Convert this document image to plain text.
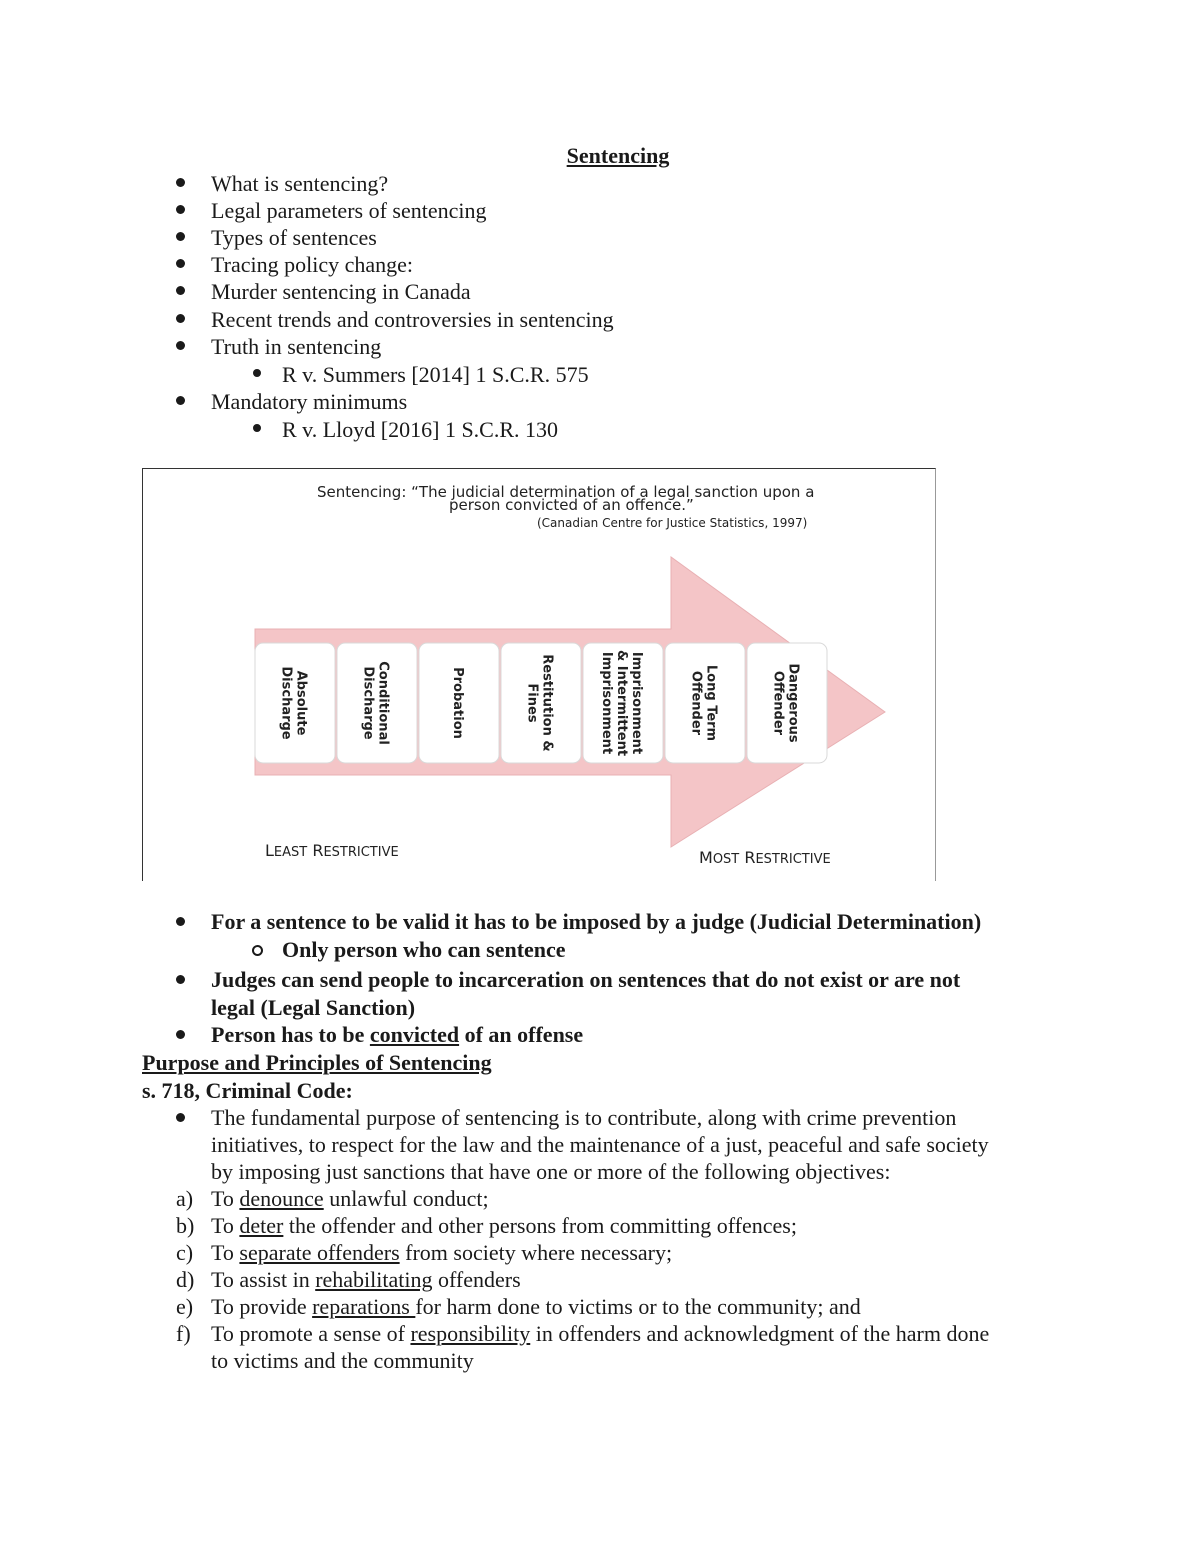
Sentencing
What is sentencing?
Legal parameters of sentencing
Types of sentences
Tracing policy change:
Murder sentencing in Canada
Recent trends and controversies in sentencing
Truth in sentencing
R v. Summers [2014] 1 S.C.R. 575
Mandatory minimums
R v. Lloyd [2016] 1 S.C.R. 130
Sentencing: “The judicial determination of a legal sanction upon a
person convicted of an offence.”
(Canadian Centre for Justice Statistics, 1997)
AbsoluteDischarge	ConditionalDischarge	Probation	Restitution &Fines	Imprisonment& IntermittentImprisonment	Long TermOffender	DangerousOffender
LEAST RESTRICTIVE	MOST RESTRICTIVE
For a sentence to be valid it has to be imposed by a judge (Judicial Determination)
Only person who can sentence
Judges can send people to incarceration on sentences that do not exist or are not
legal (Legal Sanction)
Person has to be convicted of an offense
Purpose and Principles of Sentencing
s. 718, Criminal Code:
The fundamental purpose of sentencing is to contribute, along with crime prevention
initiatives, to respect for the law and the maintenance of a just, peaceful and safe society
by imposing just sanctions that have one or more of the following objectives:
a) To denounce unlawful conduct;
b) To deter the offender and other persons from committing offences;
c) To separate offenders from society where necessary;
d) To assist in rehabilitating offenders
e) To provide reparations for harm done to victims or to the community; and
f) To promote a sense of responsibility in offenders and acknowledgment of the harm done
to victims and the community
